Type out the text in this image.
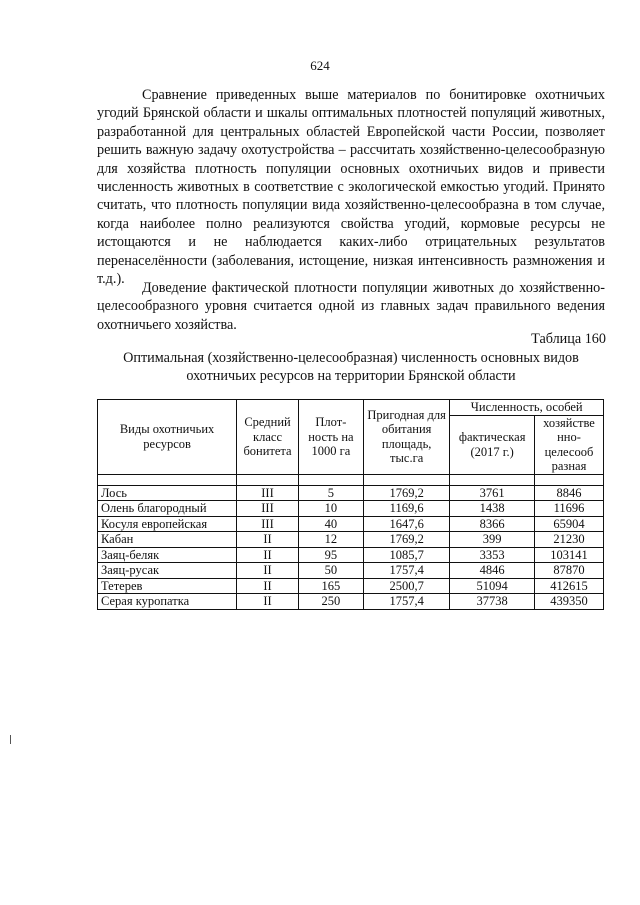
624

Сравнение приведенных выше материалов по бонитировке охотничьих угодий Брянской области и шкалы оптимальных плотностей популяций животных, разработанной для центральных областей Европейской части России, позволяет решить важную задачу охотустройства – рассчитать хозяйственно-целесообразную для хозяйства плотность популяции основных охотничьих видов и привести численность животных в соответствие с экологической емкостью угодий. Принято считать, что плотность популяции вида хозяйственно-целесообразна в том случае, когда наиболее полно реализуются свойства угодий, кормовые ресурсы не истощаются и не наблюдается каких-либо отрицательных результатов перенаселённости (заболевания, истощение, низкая интенсивность размножения и т.д.).

Доведение фактической плотности популяции животных до хозяйственно-целесообразного уровня считается одной из главных задач правильного ведения охотничьего хозяйства.

Таблица 160
Оптимальная (хозяйственно-целесообразная) численность основных видов охотничьих ресурсов на территории Брянской области
Виды охотничьих ресурсов	Средний класс бонитета	Плот-ность на 1000 га	Пригодная для обитания площадь, тыс.га	Численность, особей	
				фактическая (2017 г.)	хозяйстве нно-целесооб разная

Лось	III	5	1769,2	3761	8846
Олень благородный	III	10	1169,6	1438	11696
Косуля европейская	III	40	1647,6	8366	65904
Кабан	II	12	1769,2	399	21230
Заяц-беляк	II	95	1085,7	3353	103141
Заяц-русак	II	50	1757,4	4846	87870
Тетерев	II	165	2500,7	51094	412615
Серая куропатка	II	250	1757,4	37738	439350
